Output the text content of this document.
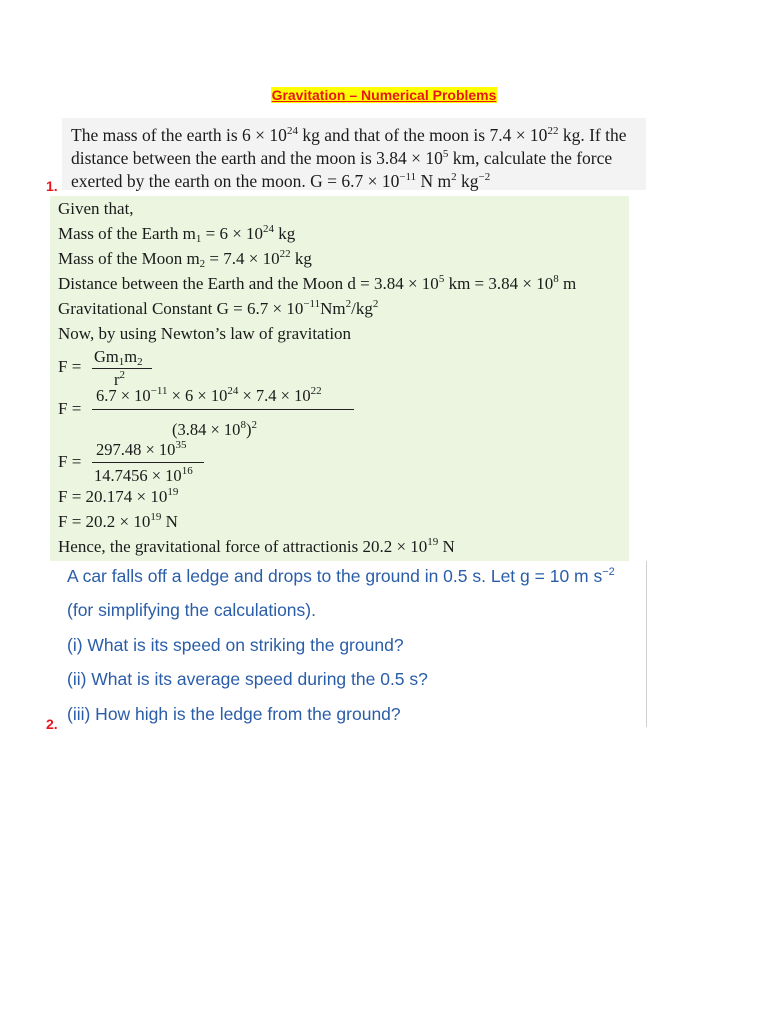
Gravitation – Numerical Problems
1.
The mass of the earth is $6 \times 10^{24}$ kg and that of the moon is $7.4 \times 10^{22}$ kg. If the
distance between the earth and the moon is $3.84 \times 10^5$ km, calculate the force
exerted by the earth on the moon. $G = 6.7 \times 10^{-11}$ N $m^2$ $kg^{-2}$
Given that,
Mass of the Earth $m_1 = 6 \times 10^{24}$ kg
Mass of the Moon $m_2 = 7.4 \times 10^{22}$ kg
Distance between the Earth and the Moon $d = 3.84 \times 10^5$ km = $3.84 \times 10^8$ m
Gravitational Constant $G = 6.7 \times 10^{-11}Nm^2/kg^2$
Now, by using Newton’s law of gravitation
F =
$Gm_1m_2$
$r^2$
F =
$6.7 \times 10^{-11} \times 6 \times 10^{24} \times 7.4 \times 10^{22}$
$(3.84 \times 10^8)^2$
F =
$297.48 \times 10^{35}$
$14.7456 \times 10^{16}$
$F = 20.174 \times 10^{19}$
$F = 20.2 \times 10^{19}$ N
Hence, the gravitational force of attractionis $20.2 \times 10^{19}$ N
A car falls off a ledge and drops to the ground in 0.5 s. Let g = 10 m $s^{-2}$
(for simplifying the calculations).
(i) What is its speed on striking the ground?
(ii) What is its average speed during the 0.5 s?
(iii) How high is the ledge from the ground?
2.
